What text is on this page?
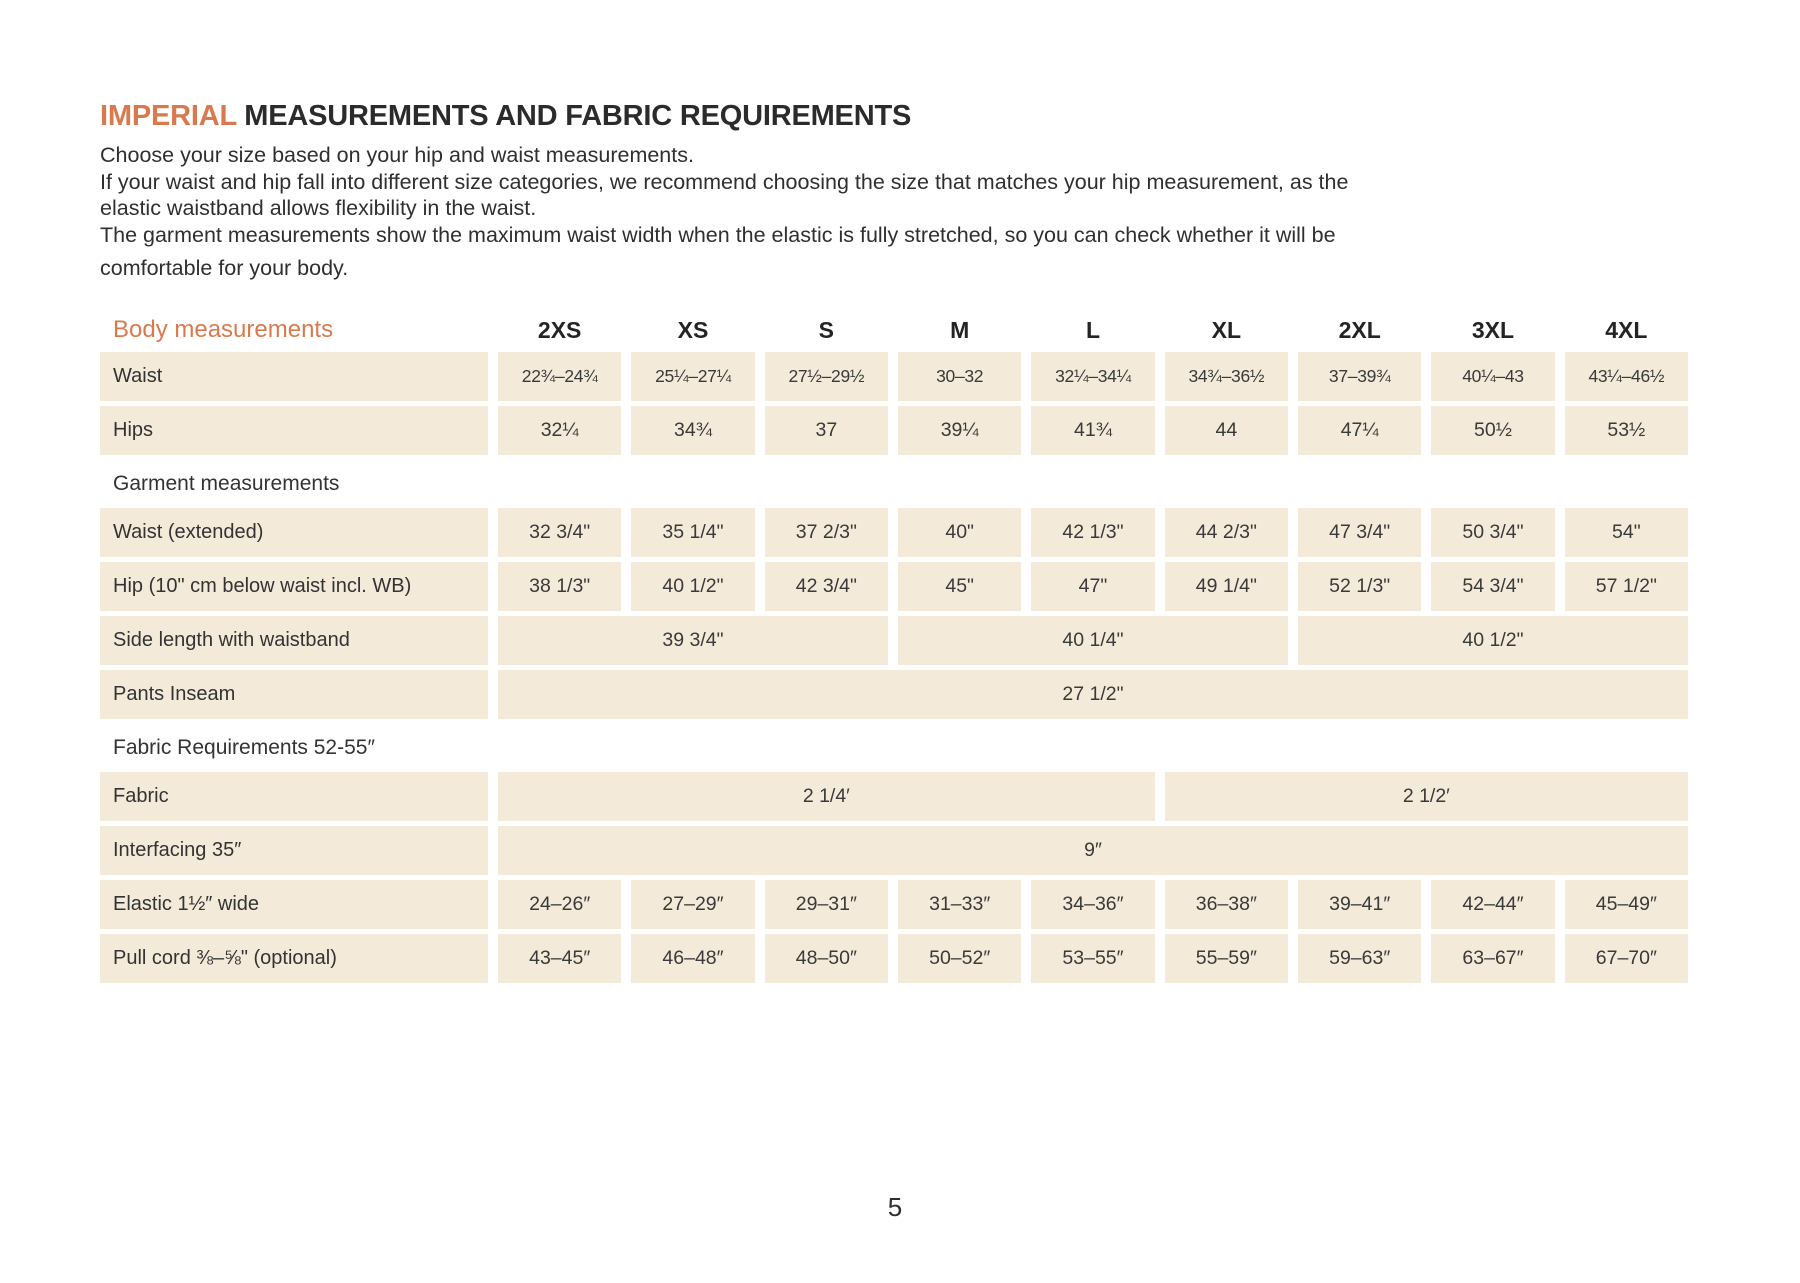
IMPERIAL MEASUREMENTS AND FABRIC REQUIREMENTS
Choose your size based on your hip and waist measurements.
If your waist and hip fall into different size categories, we recommend choosing the size that matches your hip measurement, as the
elastic waistband allows flexibility in the waist.
The garment measurements show the maximum waist width when the elastic is fully stretched, so you can check whether it will be
comfortable for your body.
Body measurements	2XS	XS	S	M	L	XL	2XL	3XL	4XL
Waist	22¾–24¾	25¼–27¼	27½–29½	30–32	32¼–34¼	34¾–36½	37–39¾	40¼–43	43¼–46½
Hips	32¼	34¾	37	39¼	41¾	44	47¼	50½	53½
Garment measurements
Waist (extended)	32 3/4"	35 1/4"	37 2/3"	40"	42 1/3"	44 2/3"	47 3/4"	50 3/4"	54"
Hip (10" cm below waist incl. WB)	38 1/3"	40 1/2"	42 3/4"	45"	47"	49 1/4"	52 1/3"	54 3/4"	57 1/2"
Side length with waistband	39 3/4"	40 1/4"	40 1/2"
Pants Inseam	27 1/2"
Fabric Requirements 52-55″
Fabric	2 1/4′	2 1/2′
Interfacing 35″	9″
Elastic 1½″ wide	24–26″	27–29″	29–31″	31–33″	34–36″	36–38″	39–41″	42–44″	45–49″
Pull cord ⅜–⅝" (optional)	43–45″	46–48″	48–50″	50–52″	53–55″	55–59″	59–63″	63–67″	67–70″
5
